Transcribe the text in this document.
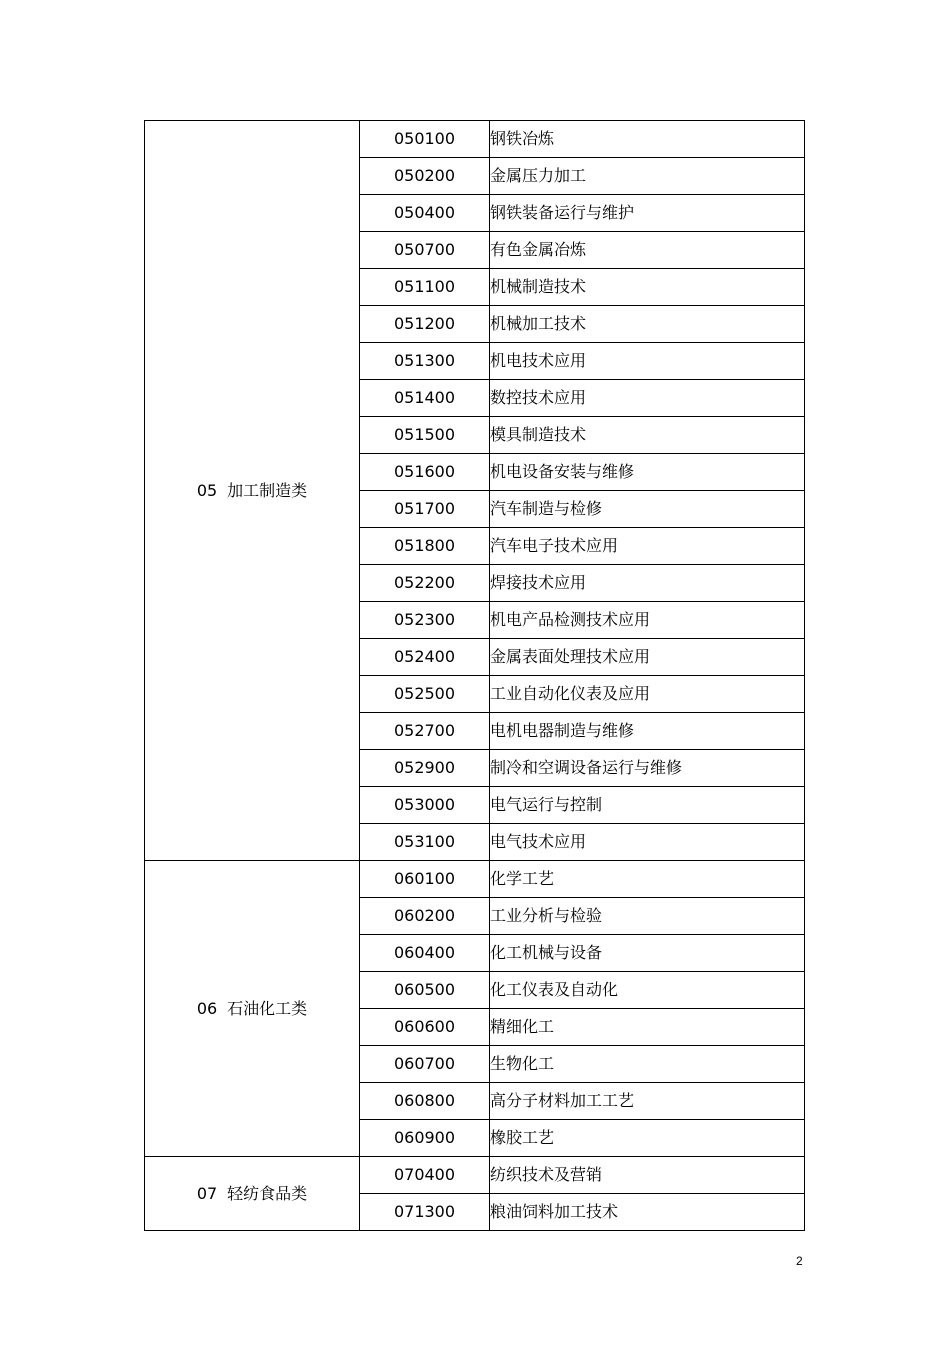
05 加工制造类	050100	钢铁冶炼
	050200	金属压力加工
	050400	钢铁装备运行与维护
	050700	有色金属冶炼
	051100	机械制造技术
	051200	机械加工技术
	051300	机电技术应用
	051400	数控技术应用
	051500	模具制造技术
	051600	机电设备安装与维修
	051700	汽车制造与检修
	051800	汽车电子技术应用
	052200	焊接技术应用
	052300	机电产品检测技术应用
	052400	金属表面处理技术应用
	052500	工业自动化仪表及应用
	052700	电机电器制造与维修
	052900	制冷和空调设备运行与维修
	053000	电气运行与控制
	053100	电气技术应用
06 石油化工类	060100	化学工艺
	060200	工业分析与检验
	060400	化工机械与设备
	060500	化工仪表及自动化
	060600	精细化工
	060700	生物化工
	060800	高分子材料加工工艺
	060900	橡胶工艺
07 轻纺食品类	070400	纺织技术及营销
	071300	粮油饲料加工技术
2
